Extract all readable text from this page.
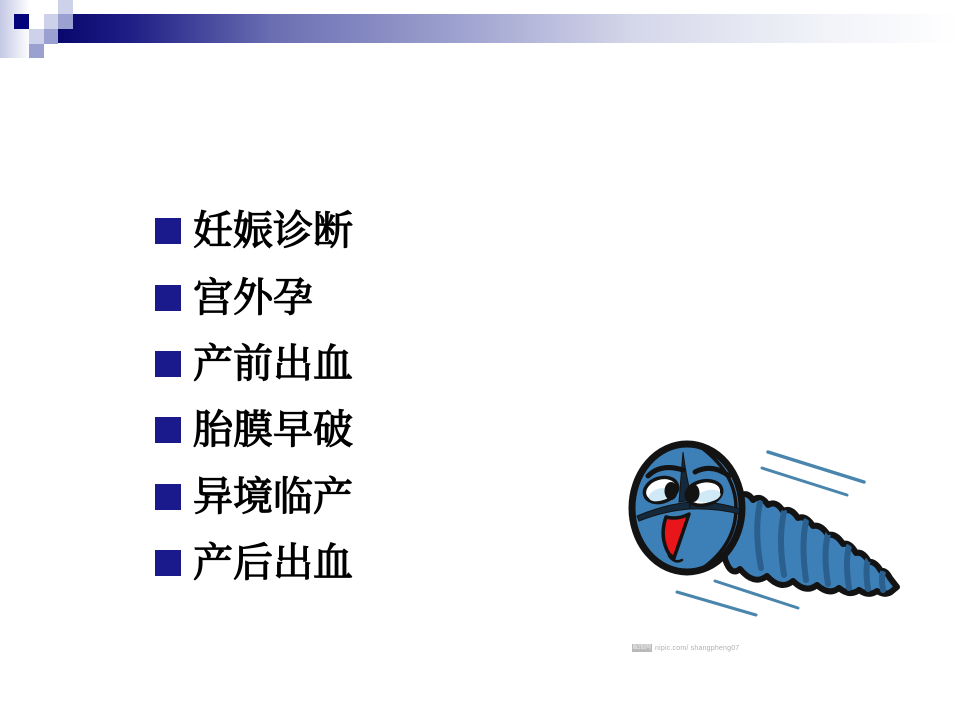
妊娠诊断
宫外孕
产前出血
胎膜早破
异境临产
产后出血
昵图网 nipic.com/ shangpheng07
